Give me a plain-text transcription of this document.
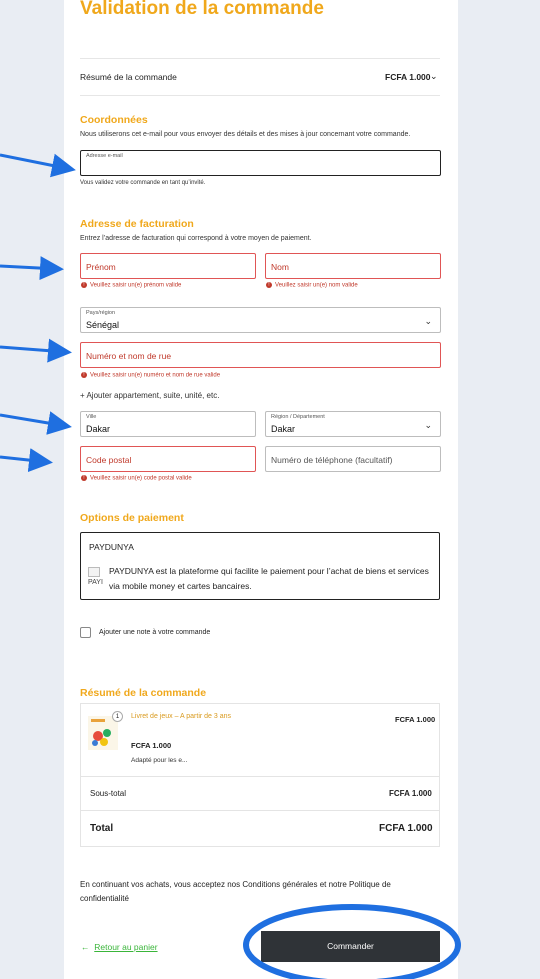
Validation de la commande
Résumé de la commande	FCFA 1.000 ⌄
Coordonnées
Nous utiliserons cet e-mail pour vous envoyer des détails et des mises à jour concernant votre commande.
Adresse e-mail
Vous validez votre commande en tant qu’invité.
Adresse de facturation
Entrez l’adresse de facturation qui correspond à votre moyen de paiement.
Prénom
! Veuillez saisir un(e) prénom valide
Nom
! Veuillez saisir un(e) nom valide
Pays/région
Sénégal	⌄
Numéro et nom de rue
! Veuillez saisir un(e) numéro et nom de rue valide
+ Ajouter appartement, suite, unité, etc.
Ville
Dakar
Région / Département
Dakar	⌄
Code postal
! Veuillez saisir un(e) code postal valide
Numéro de téléphone (facultatif)
Options de paiement
PAYDUNYA
PAYI
PAYDUNYA est la plateforme qui facilite le paiement pour l’achat de biens et services via mobile money et cartes bancaires.
Ajouter une note à votre commande
Résumé de la commande
1	Livret de jeux – A partir de 3 ans	FCFA 1.000
FCFA 1.000
Adapté pour les e...
Sous-total	FCFA 1.000
Total	FCFA 1.000
En continuant vos achats, vous acceptez nos Conditions générales et notre Politique de confidentialité
← Retour au panier	Commander
